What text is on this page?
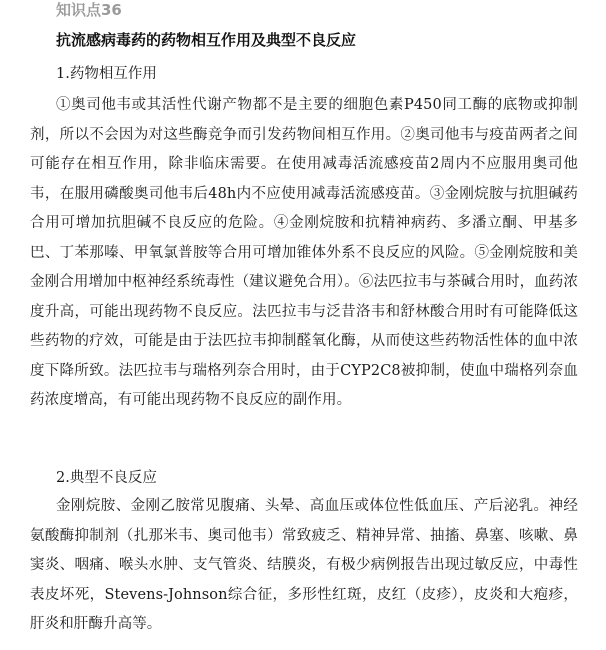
知识点36
抗流感病毒药的药物相互作用及典型不良反应
1.药物相互作用
①奥司他韦或其活性代谢产物都不是主要的细胞色素P450同工酶的底物或抑制剂，所以不会因为对这些酶竞争而引发药物间相互作用。②奥司他韦与疫苗两者之间可能存在相互作用，除非临床需要。在使用减毒活流感疫苗2周内不应服用奥司他韦，在服用磷酸奥司他韦后48h内不应使用减毒活流感疫苗。③金刚烷胺与抗胆碱药合用可增加抗胆碱不良反应的危险。④金刚烷胺和抗精神病药、多潘立酮、甲基多巴、丁苯那嗪、甲氧氯普胺等合用可增加锥体外系不良反应的风险。⑤金刚烷胺和美金刚合用增加中枢神经系统毒性（建议避免合用）。⑥法匹拉韦与茶碱合用时，血药浓度升高，可能出现药物不良反应。法匹拉韦与泛昔洛韦和舒林酸合用时有可能降低这些药物的疗效，可能是由于法匹拉韦抑制醛氧化酶，从而使这些药物活性体的血中浓度下降所致。法匹拉韦与瑞格列奈合用时，由于CYP2C8被抑制，使血中瑞格列奈血药浓度增高，有可能出现药物不良反应的副作用。
2.典型不良反应
金刚烷胺、金刚乙胺常见腹痛、头晕、高血压或体位性低血压、产后泌乳。神经氨酸酶抑制剂（扎那米韦、奥司他韦）常致疲乏、精神异常、抽搐、鼻塞、咳嗽、鼻窦炎、咽痛、喉头水肿、支气管炎、结膜炎，有极少病例报告出现过敏反应，中毒性表皮坏死，Stevens-Johnson综合征，多形性红斑，皮红（皮疹），皮炎和大疱疹，肝炎和肝酶升高等。
